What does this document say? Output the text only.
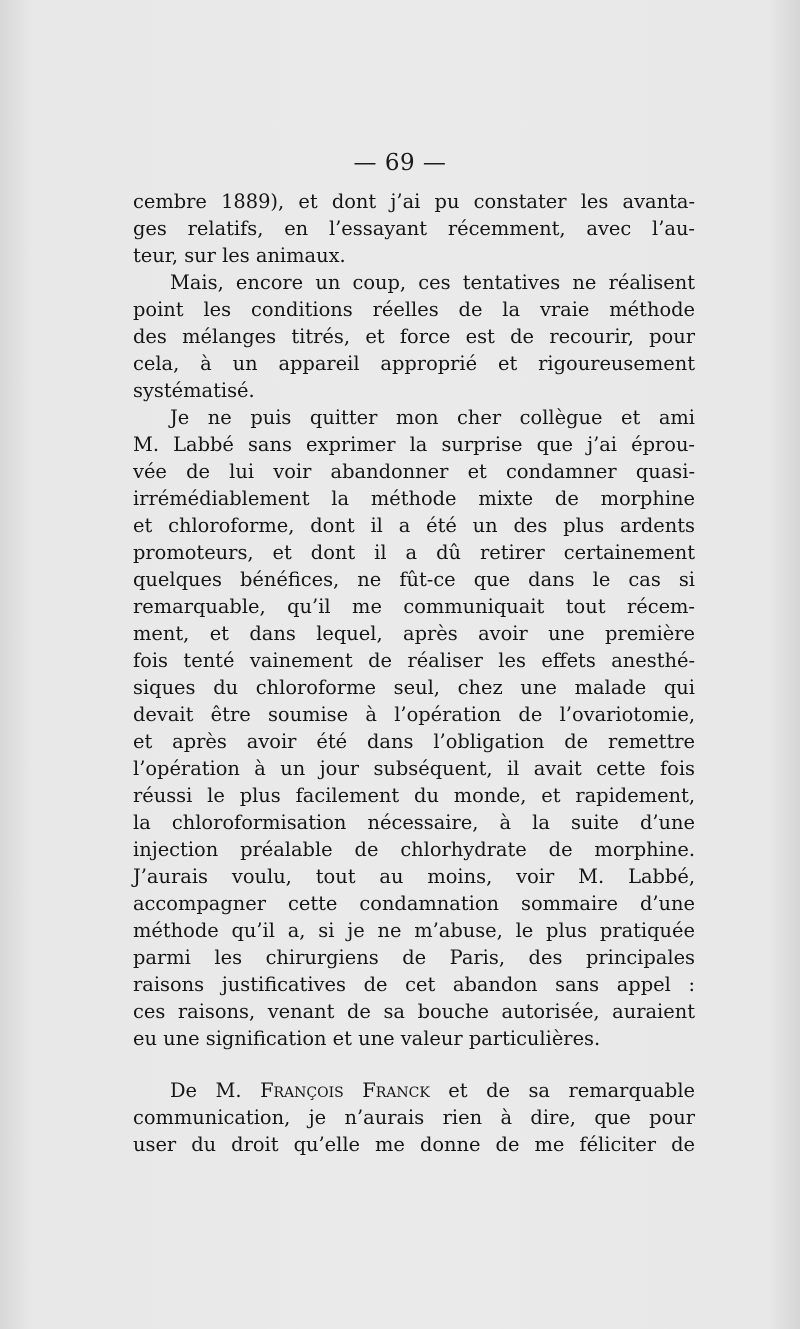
— 69 —
cembre 1889), et dont j’ai pu constater les avanta-
ges relatifs, en l’essayant récemment, avec l’au-
teur, sur les animaux.
Mais, encore un coup, ces tentatives ne réalisent
point les conditions réelles de la vraie méthode
des mélanges titrés, et force est de recourir, pour
cela, à un appareil approprié et rigoureusement
systématisé.
Je ne puis quitter mon cher collègue et ami
M. Labbé sans exprimer la surprise que j’ai éprou-
vée de lui voir abandonner et condamner quasi-
irrémédiablement la méthode mixte de morphine
et chloroforme, dont il a été un des plus ardents
promoteurs, et dont il a dû retirer certainement
quelques bénéfices, ne fût-ce que dans le cas si
remarquable, qu’il me communiquait tout récem-
ment, et dans lequel, après avoir une première
fois tenté vainement de réaliser les effets anesthé-
siques du chloroforme seul, chez une malade qui
devait être soumise à l’opération de l’ovariotomie,
et après avoir été dans l’obligation de remettre
l’opération à un jour subséquent, il avait cette fois
réussi le plus facilement du monde, et rapidement,
la chloroformisation nécessaire, à la suite d’une
injection préalable de chlorhydrate de morphine.
J’aurais voulu, tout au moins, voir M. Labbé,
accompagner cette condamnation sommaire d’une
méthode qu’il a, si je ne m’abuse, le plus pratiquée
parmi les chirurgiens de Paris, des principales
raisons justificatives de cet abandon sans appel :
ces raisons, venant de sa bouche autorisée, auraient
eu une signification et une valeur particulières.
De M. François Franck et de sa remarquable
communication, je n’aurais rien à dire, que pour
user du droit qu’elle me donne de me féliciter de
